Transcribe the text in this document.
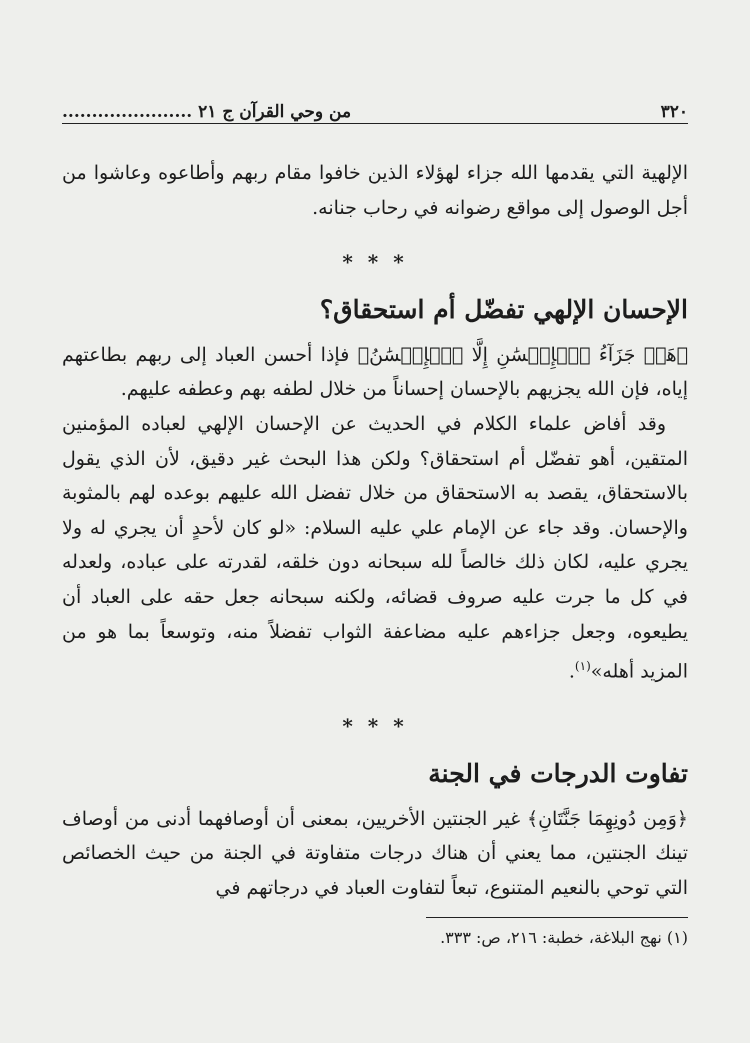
٣٢٠
من وحي القرآن ج ٢١ ......................

الإلهية التي يقدمها الله جزاء لهؤلاء الذين خافوا مقام ربهم وأطاعوه وعاشوا من أجل الوصول إلى مواقع رضوانه في رحاب جنانه.

* * *
الإحسان الإلهي تفضّل أم استحقاق؟

﴿هَلۡ جَزَآءُ ٱلۡإِحۡسَٰنِ إِلَّا ٱلۡإِحۡسَٰنُ﴾ فإذا أحسن العباد إلى ربهم بطاعتهم إياه، فإن الله يجزيهم بالإحسان إحساناً من خلال لطفه بهم وعطفه عليهم.

وقد أفاض علماء الكلام في الحديث عن الإحسان الإلهي لعباده المؤمنين المتقين، أهو تفضّل أم استحقاق؟ ولكن هذا البحث غير دقيق، لأن الذي يقول بالاستحقاق، يقصد به الاستحقاق من خلال تفضل الله عليهم بوعده لهم بالمثوبة والإحسان. وقد جاء عن الإمام علي عليه السلام: «لو كان لأحدٍ أن يجري له ولا يجري عليه، لكان ذلك خالصاً لله سبحانه دون خلقه، لقدرته على عباده، ولعدله في كل ما جرت عليه صروف قضائه، ولكنه سبحانه جعل حقه على العباد أن يطيعوه، وجعل جزاءهم عليه مضاعفة الثواب تفضلاً منه، وتوسعاً بما هو من المزيد أهله»$^{(١)}$.

* * *
تفاوت الدرجات في الجنة

﴿وَمِن دُونِهِمَا جَنَّتَانِ﴾ غير الجنتين الأخريين، بمعنى أن أوصافهما أدنى من أوصاف تينك الجنتين، مما يعني أن هناك درجات متفاوتة في الجنة من حيث الخصائص التي توحي بالنعيم المتنوع، تبعاً لتفاوت العباد في درجاتهم في

(١) نهج البلاغة، خطبة: ٢١٦، ص: ٣٣٣.
